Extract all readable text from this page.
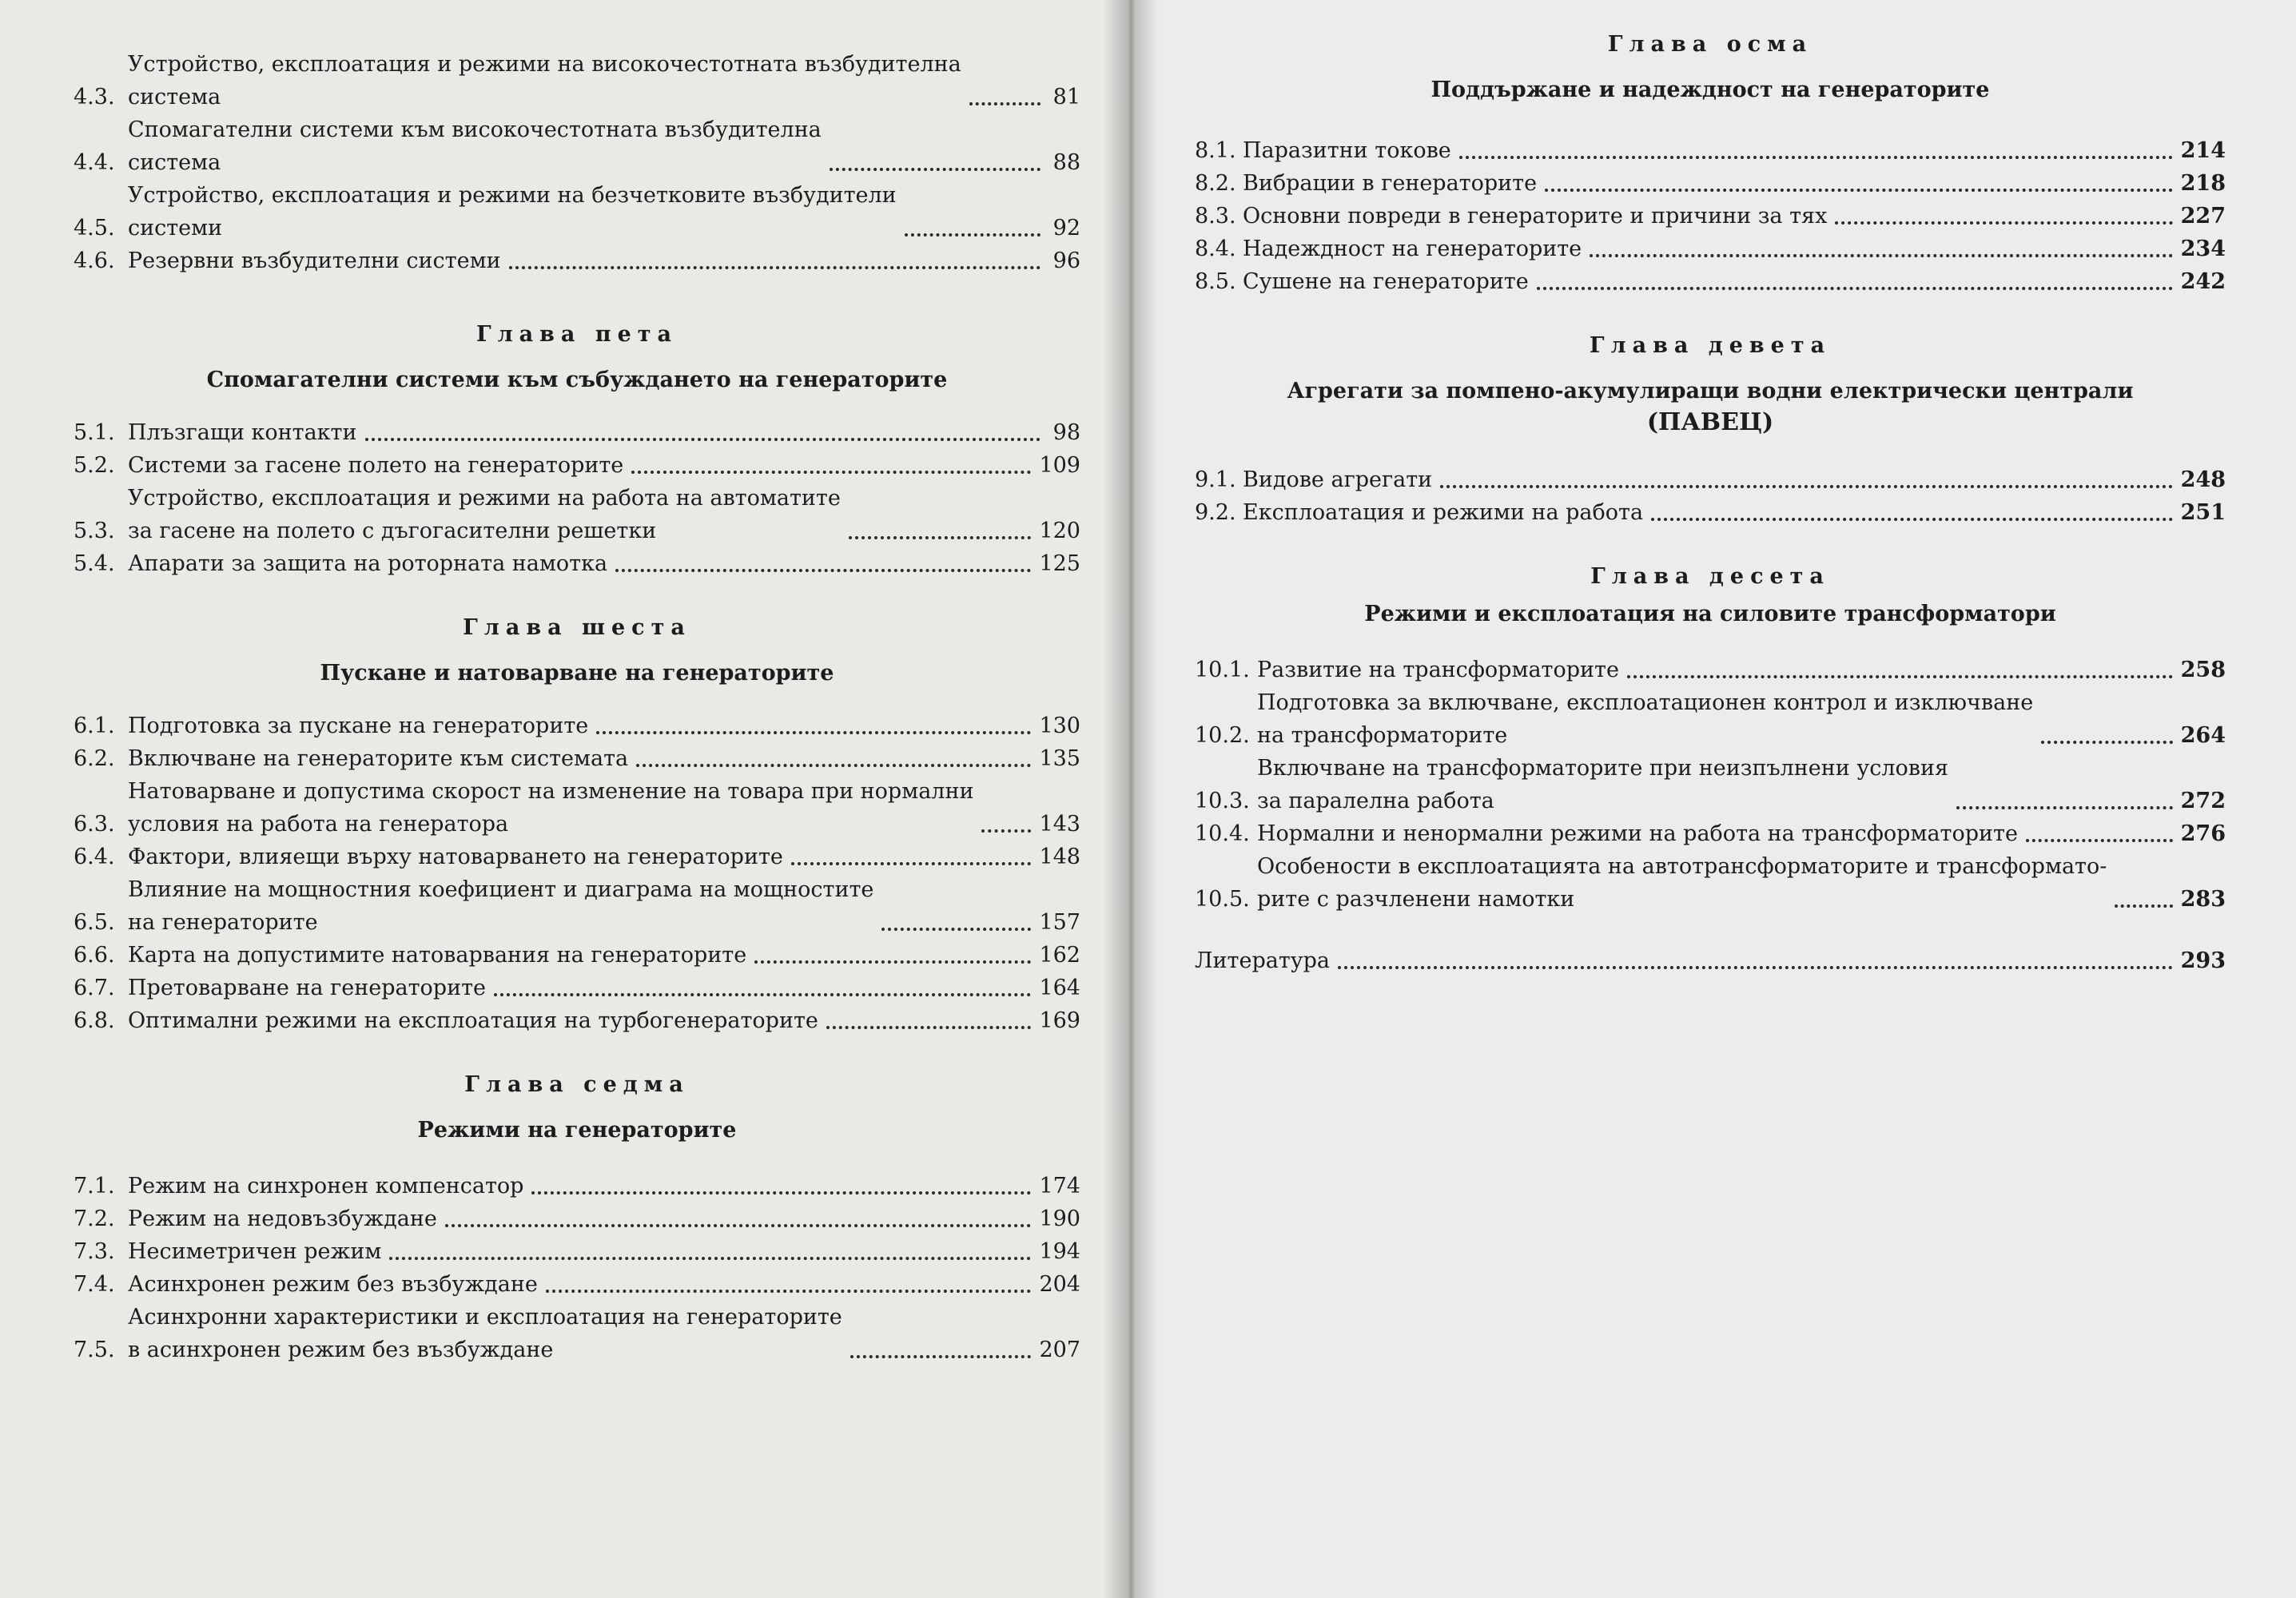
4.3.
Устройство, експлоатация и режими на високочестотната възбудителна
система	81
4.4.
Спомагателни системи към високочестотната възбудителна
система	88
4.5.
Устройство, експлоатация и режими на безчетковите възбудители
системи	92
4.6. Резервни възбудителни системи	96
Глава пета
Спомагателни системи към събуждането на генераторите
5.1. Плъзгащи контакти	98
5.2. Системи за гасене полето на генераторите	109
5.3.
Устройство, експлоатация и режими на работа на автоматите
за гасене на полето с дъгогасителни решетки	120
5.4. Апарати за защита на роторната намотка	125
Глава шеста
Пускане и натоварване на генераторите
6.1. Подготовка за пускане на генераторите	130
6.2. Включване на генераторите към системата	135
6.3.
Натоварване и допустима скорост на изменение на товара при нормални
условия на работа на генератора	143
6.4. Фактори, влияещи върху натоварването на генераторите	148
6.5.
Влияние на мощностния коефициент и диаграма на мощностите
на генераторите	157
6.6. Карта на допустимите натоварвания на генераторите	162
6.7. Претоварване на генераторите	164
6.8. Оптимални режими на експлоатация на турбогенераторите	169
Глава седма
Режими на генераторите
7.1. Режим на синхронен компенсатор	174
7.2. Режим на недовъзбуждане	190
7.3. Несиметричен режим	194
7.4. Асинхронен режим без възбуждане	204
7.5.
Асинхронни характеристики и експлоатация на генераторите
в асинхронен режим без възбуждане	207
Глава осма
Поддържане и надеждност на генераторите
8.1. Паразитни токове	214
8.2. Вибрации в генераторите	218
8.3. Основни повреди в генераторите и причини за тях	227
8.4. Надеждност на генераторите	234
8.5. Сушене на генераторите	242
Глава девета
Агрегати за помпено-акумулиращи водни електрически централи
(ПАВЕЦ)
9.1. Видове агрегати	248
9.2. Експлоатация и режими на работа	251
Глава десета
Режими и експлоатация на силовите трансформатори
10.1. Развитие на трансформаторите	258
10.2.
Подготовка за включване, експлоатационен контрол и изключване
на трансформаторите	264
10.3.
Включване на трансформаторите при неизпълнени условия
за паралелна работа	272
10.4. Нормални и ненормални режими на работа на трансформаторите	276
10.5.
Особености в експлоатацията на автотрансформаторите и трансформато-
рите с разчленени намотки	283
Литература	293
